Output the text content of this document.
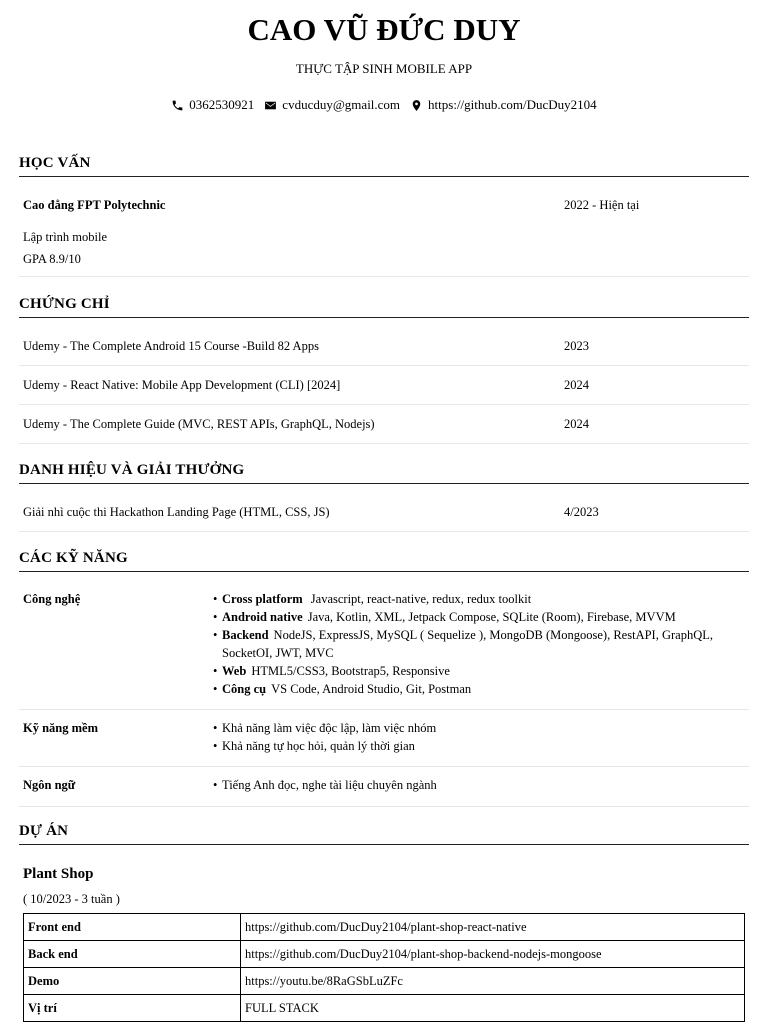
CAO VŨ ĐỨC DUY
THỰC TẬP SINH MOBILE APP
0362530921 cvducduy@gmail.com https://github.com/DucDuy2104
HỌC VẤN
Cao đẳng FPT Polytechnic	2022 - Hiện tại
Lập trình mobile
GPA 8.9/10
CHỨNG CHỈ
Udemy - The Complete Android 15 Course -Build 82 Apps	2023
Udemy - React Native: Mobile App Development (CLI) [2024]	2024
Udemy - The Complete Guide (MVC, REST APIs, GraphQL, Nodejs)	2024
DANH HIỆU VÀ GIẢI THƯỞNG
Giải nhì cuộc thi Hackathon Landing Page (HTML, CSS, JS)	4/2023
CÁC KỸ NĂNG
Công nghệ	• Cross platform Javascript, react-native, redux, redux toolkit
• Android native Java, Kotlin, XML, Jetpack Compose, SQLite (Room), Firebase, MVVM
• Backend NodeJS, ExpressJS, MySQL ( Sequelize ), MongoDB (Mongoose), RestAPI, GraphQL, SocketOI, JWT, MVC
• Web HTML5/CSS3, Bootstrap5, Responsive
• Công cụ VS Code, Android Studio, Git, Postman
Kỹ năng mềm	• Khả năng làm việc độc lập, làm việc nhóm
• Khả năng tự học hỏi, quản lý thời gian
Ngôn ngữ	• Tiếng Anh đọc, nghe tài liệu chuyên ngành
DỰ ÁN
Plant Shop
( 10/2023 - 3 tuần )
Front end	https://github.com/DucDuy2104/plant-shop-react-native
Back end	https://github.com/DucDuy2104/plant-shop-backend-nodejs-mongoose
Demo	https://youtu.be/8RaGSbLuZFc
Vị trí	FULL STACK
